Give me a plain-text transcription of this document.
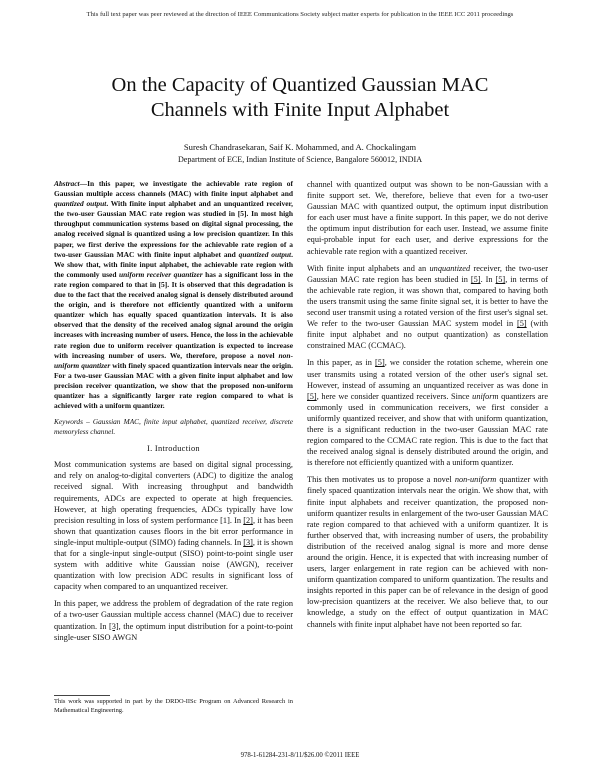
This full text paper was peer reviewed at the direction of IEEE Communications Society subject matter experts for publication in the IEEE ICC 2011 proceedings
On the Capacity of Quantized Gaussian MAC
Channels with Finite Input Alphabet
Suresh Chandrasekaran, Saif K. Mohammed, and A. Chockalingam
Department of ECE, Indian Institute of Science, Bangalore 560012, INDIA

Abstract—In this paper, we investigate the achievable rate region of Gaussian multiple access channels (MAC) with finite input alphabet and quantized output. With finite input alphabet and an unquantized receiver, the two-user Gaussian MAC rate region was studied in [5]. In most high throughput communication systems based on digital signal processing, the analog received signal is quantized using a low precision quantizer. In this paper, we first derive the expressions for the achievable rate region of a two-user Gaussian MAC with finite input alphabet and quantized output. We show that, with finite input alphabet, the achievable rate region with the commonly used uniform receiver quantizer has a significant loss in the rate region compared to that in [5]. It is observed that this degradation is due to the fact that the received analog signal is densely distributed around the origin, and is therefore not efficiently quantized with a uniform quantizer which has equally spaced quantization intervals. It is also observed that the density of the received analog signal around the origin increases with increasing number of users. Hence, the loss in the achievable rate region due to uniform receiver quantization is expected to increase with increasing number of users. We, therefore, propose a novel non-uniform quantizer with finely spaced quantization intervals near the origin. For a two-user Gaussian MAC with a given finite input alphabet and low precision receiver quantization, we show that the proposed non-uniform quantizer has a significantly larger rate region compared to what is achieved with a uniform quantizer.

Keywords – Gaussian MAC, finite input alphabet, quantized receiver, discrete memoryless channel.

I. Introduction

Most communication systems are based on digital signal processing, and rely on analog-to-digital converters (ADC) to digitize the analog received signal. With increasing throughput and bandwidth requirements, ADCs are expected to operate at high frequencies. However, at high operating frequencies, ADCs typically have low precision resulting in loss of system performance [1]. In [2], it has been shown that quantization causes floors in the bit error performance in single-input multiple-output (SIMO) fading channels. In [3], it is shown that for a single-input single-output (SISO) point-to-point single user system with additive white Gaussian noise (AWGN), receiver quantization with low precision ADC results in significant loss of capacity when compared to an unquantized receiver.

In this paper, we address the problem of degradation of the rate region of a two-user Gaussian multiple access channel (MAC) due to receiver quantization. In [3], the optimum input distribution for a point-to-point single-user SISO AWGN

This work was supported in part by the DRDO-IISc Program on Advanced Research in Mathematical Engineering.

channel with quantized output was shown to be non-Gaussian with a finite support set. We, therefore, believe that even for a two-user Gaussian MAC with quantized output, the optimum input distribution for each user must have a finite support. In this paper, we do not derive the optimum input distribution for each user. Instead, we assume finite equi-probable input for each user, and derive expressions for the achievable rate region with a quantized receiver.

With finite input alphabets and an unquantized receiver, the two-user Gaussian MAC rate region has been studied in [5]. In [5], in terms of the achievable rate region, it was shown that, compared to having both the users transmit using the same finite signal set, it is better to have the second user transmit using a rotated version of the first user's signal set. We refer to the two-user Gaussian MAC system model in [5] (with finite input alphabet and no output quantization) as constellation constrained MAC (CCMAC).

In this paper, as in [5], we consider the rotation scheme, wherein one user transmits using a rotated version of the other user's signal set. However, instead of assuming an unquantized receiver as was done in [5], here we consider quantized receivers. Since uniform quantizers are commonly used in communication receivers, we first consider a uniformly quantized receiver, and show that with uniform quantization, there is a significant reduction in the two-user Gaussian MAC rate region compared to the CCMAC rate region. This is due to the fact that the received analog signal is densely distributed around the origin, and is therefore not efficiently quantized with a uniform quantizer.

This then motivates us to propose a novel non-uniform quantizer with finely spaced quantization intervals near the origin. We show that, with finite input alphabets and receiver quantization, the proposed non-uniform quantizer results in enlargement of the two-user Gaussian MAC rate region compared to that achieved with a uniform quantizer. It is further observed that, with increasing number of users, the probability distribution of the received analog signal is more and more dense around the origin. Hence, it is expected that with increasing number of users, larger enlargement in rate region can be achieved with non-uniform quantization compared to uniform quantization. The results and insights reported in this paper can be of relevance in the design of good low-precision quantizers at the receiver. We also believe that, to our knowledge, a study on the effect of output quantization in MAC channels with finite input alphabet have not been reported so far.

978-1-61284-231-8/11/$26.00 ©2011 IEEE
